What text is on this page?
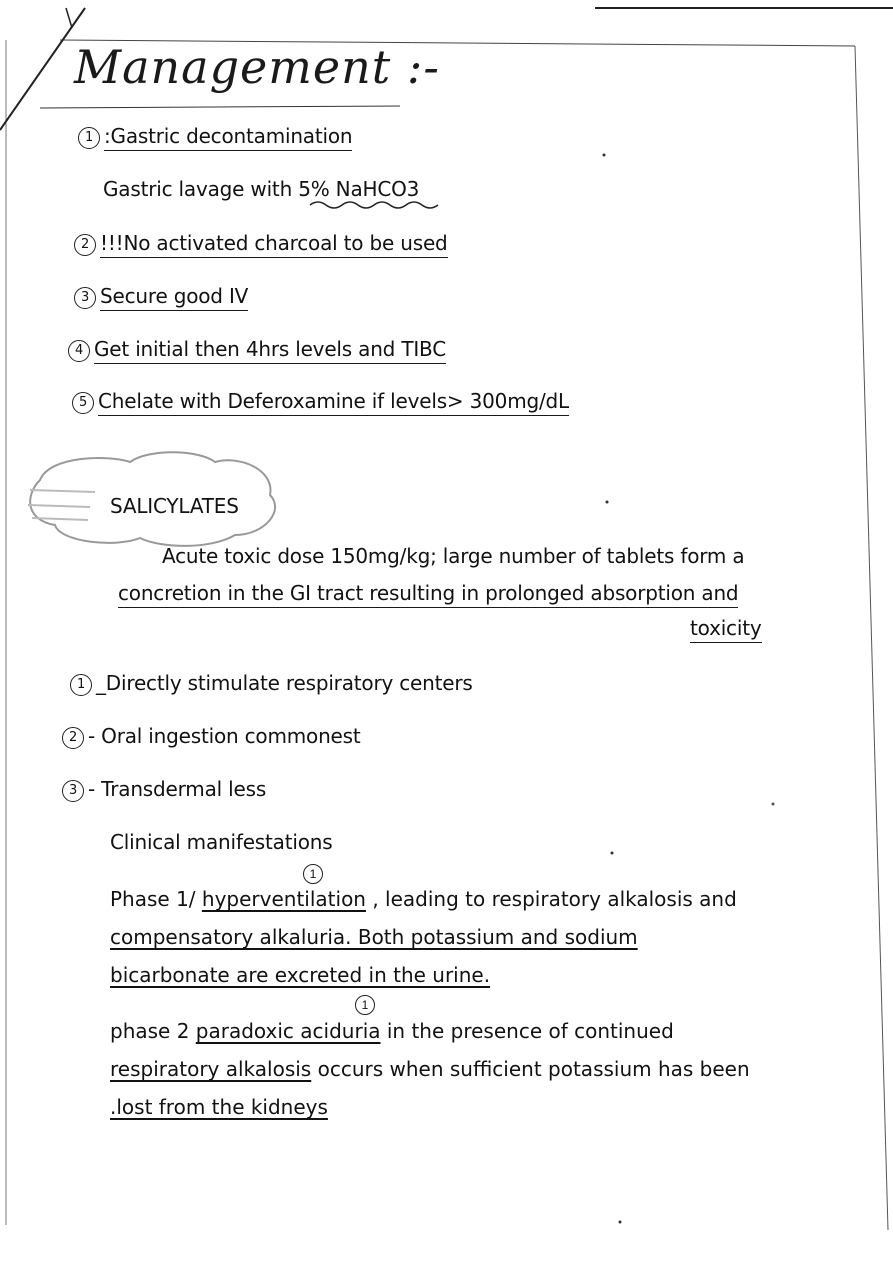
Management :-
1 :Gastric decontamination
Gastric lavage with 5% NaHCO3
2 !!!No activated charcoal to be used
3 Secure good IV
4 Get initial then 4hrs levels and TIBC
5 Chelate with Deferoxamine if levels> 300mg/dL
SALICYLATES
Acute toxic dose 150mg/kg; large number of tablets form a
concretion in the GI tract resulting in prolonged absorption and
toxicity
1 _Directly stimulate respiratory centers
2 - Oral ingestion commonest
3 - Transdermal less
Clinical manifestations
1
1
Phase 1/ hyperventilation , leading to respiratory alkalosis and
compensatory alkaluria. Both potassium and sodium
bicarbonate are excreted in the urine.
phase 2 paradoxic aciduria in the presence of continued
respiratory alkalosis occurs when sufficient potassium has been
.lost from the kidneys
